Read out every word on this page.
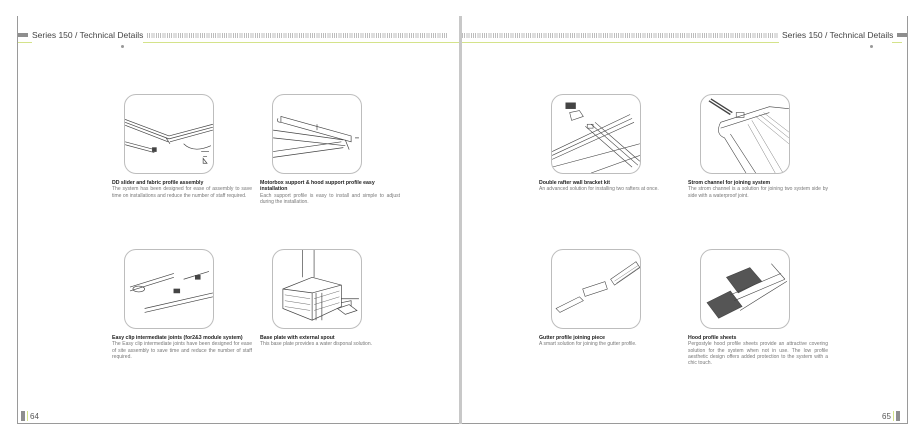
Series 150 / Technical Details	Series 150 / Technical Details
DD slider and fabric profile assembly
The system has been designed for ease of assembly to save time on installations and reduce the number of staff required.
Motorbox support & hood support profile easy installation
Each support profile is easy to install and simple to adjust during the installation.
Easy clip intermediate joints (for2&3 module system)
The Easy clip intermediate joints have been designed for ease of site assembly to save time and reduce the number of staff required.
Base plate with external spout
This base plate provides a water disponal solution.
Double rafter wall bracket kit
An advanced solution for installing two rafters at once.
Strom channel for joining system
The strom channel is a solution for joining two system side by side with a waterproof joint.
Gutter profile joining piece
A smart solution for joining the gutter profile.
Hood profile sheets
Pergostyle hood profile sheets provide an attractive covering solution for the system when not in use. The low profile aesthetic design offers added protection to the system with a chic touch.
64	65
